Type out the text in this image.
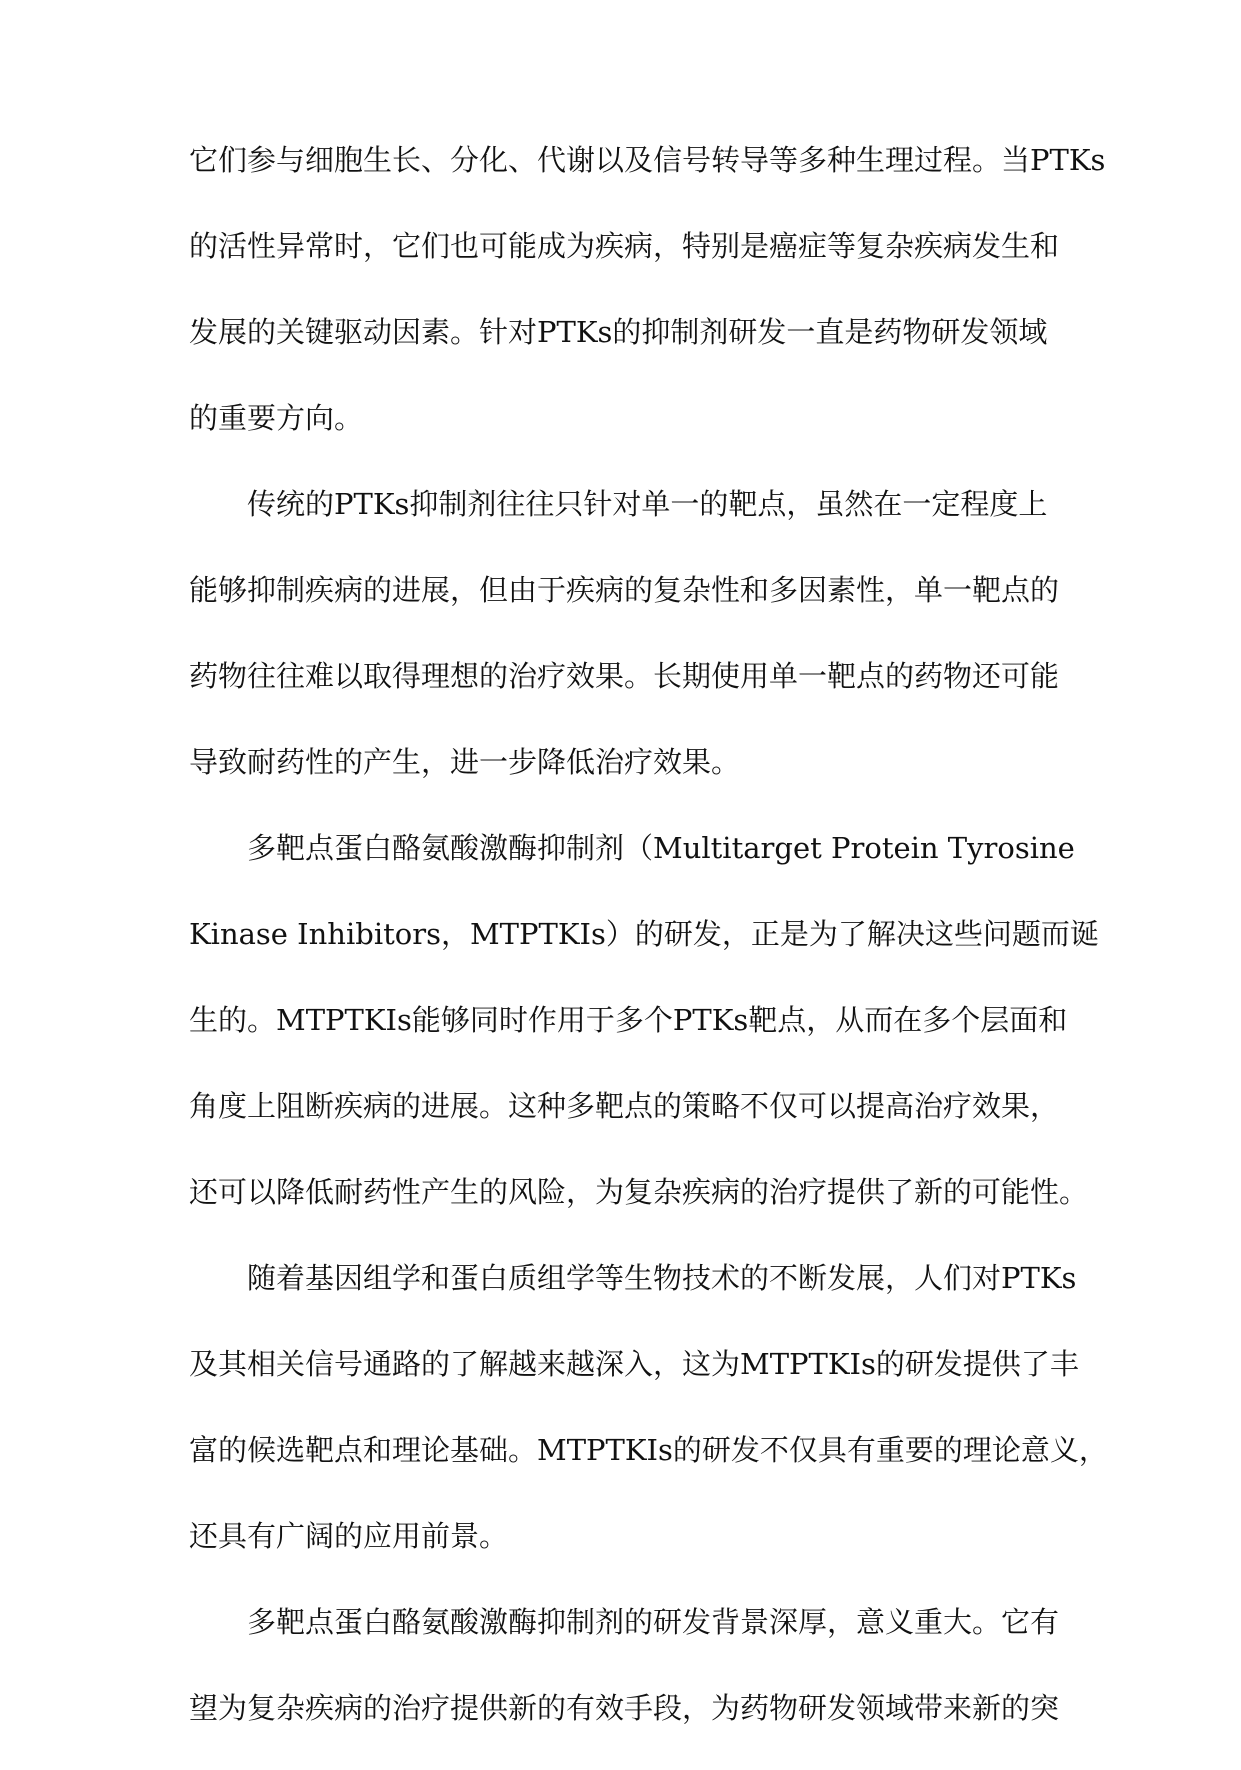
它们参与细胞生长、分化、代谢以及信号转导等多种生理过程。当PTKs
的活性异常时，它们也可能成为疾病，特别是癌症等复杂疾病发生和
发展的关键驱动因素。针对PTKs的抑制剂研发一直是药物研发领域
的重要方向。
传统的PTKs抑制剂往往只针对单一的靶点，虽然在一定程度上
能够抑制疾病的进展，但由于疾病的复杂性和多因素性，单一靶点的
药物往往难以取得理想的治疗效果。长期使用单一靶点的药物还可能
导致耐药性的产生，进一步降低治疗效果。
多靶点蛋白酪氨酸激酶抑制剂（Multitarget Protein Tyrosine
Kinase Inhibitors，MTPTKIs）的研发，正是为了解决这些问题而诞
生的。MTPTKIs能够同时作用于多个PTKs靶点，从而在多个层面和
角度上阻断疾病的进展。这种多靶点的策略不仅可以提高治疗效果，
还可以降低耐药性产生的风险，为复杂疾病的治疗提供了新的可能性。
随着基因组学和蛋白质组学等生物技术的不断发展，人们对PTKs
及其相关信号通路的了解越来越深入，这为MTPTKIs的研发提供了丰
富的候选靶点和理论基础。MTPTKIs的研发不仅具有重要的理论意义，
还具有广阔的应用前景。
多靶点蛋白酪氨酸激酶抑制剂的研发背景深厚，意义重大。它有
望为复杂疾病的治疗提供新的有效手段，为药物研发领域带来新的突
